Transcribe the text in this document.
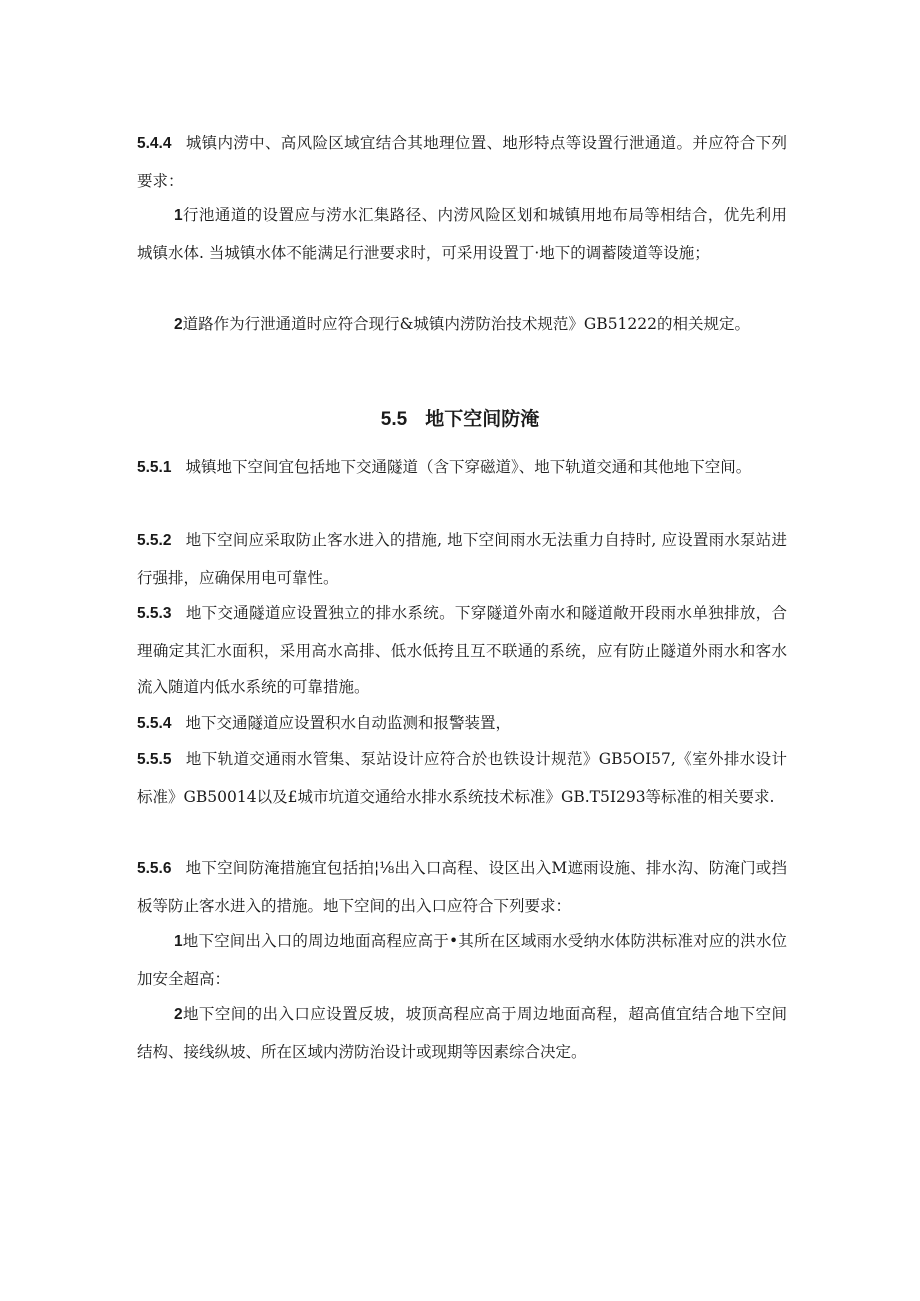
5.4.4 城镇内涝中、高风险区域宜结合其地理位置、地形特点等设置行泄通道。并应符合下列要求：

1行池通道的设置应与涝水汇集路径、内涝风险区划和城镇用地布局等相结合，优先利用城镇水体. 当城镇水体不能满足行泄要求时，可采用设置丁·地下的调蓄陵道等设施；

2道路作为行泄通道时应符合现行&城镇内涝防治技术规范》GB51222的相关规定。

5.5 地下空间防淹

5.5.1 城镇地下空间宜包括地下交通隧道（含下穿磁道》、地下轨道交通和其他地下空间。

5.5.2 地下空间应采取防止客水进入的措施, 地下空间雨水无法重力自持时, 应设置雨水泵站进行强排，应确保用电可靠性。

5.5.3 地下交通隧道应设置独立的排水系统。下穿隧道外南水和隧道敞开段雨水单独排放，合理确定其汇水面积，采用高水高排、低水低挎且互不联通的系统，应有防止隧道外雨水和客水流入随道内低水系统的可靠措施。

5.5.4 地下交通隧道应设置积水自动监测和报警装置，

5.5.5 地下轨道交通雨水管集、泵站设计应符合於也铁设计规范》GB5OI57,《室外排水设计标准》GB50014以及£城市坑道交通给水排水系统技术标准》GB.T5I293等标准的相关要求.

5.5.6 地下空间防淹措施宜包括拍¦⅛出入口高程、设区出入M遮雨设施、排水沟、防淹门或挡板等防止客水进入的措施。地下空间的出入口应符合下列要求：

1地下空间出入口的周边地面高程应高于•其所在区域雨水受纳水体防洪标准对应的洪水位加安全超高：

2地下空间的出入口应设置反坡，坡顶高程应高于周边地面高程，超高值宜结合地下空间结构、接线纵坡、所在区域内涝防治设计或现期等因素综合决定。
